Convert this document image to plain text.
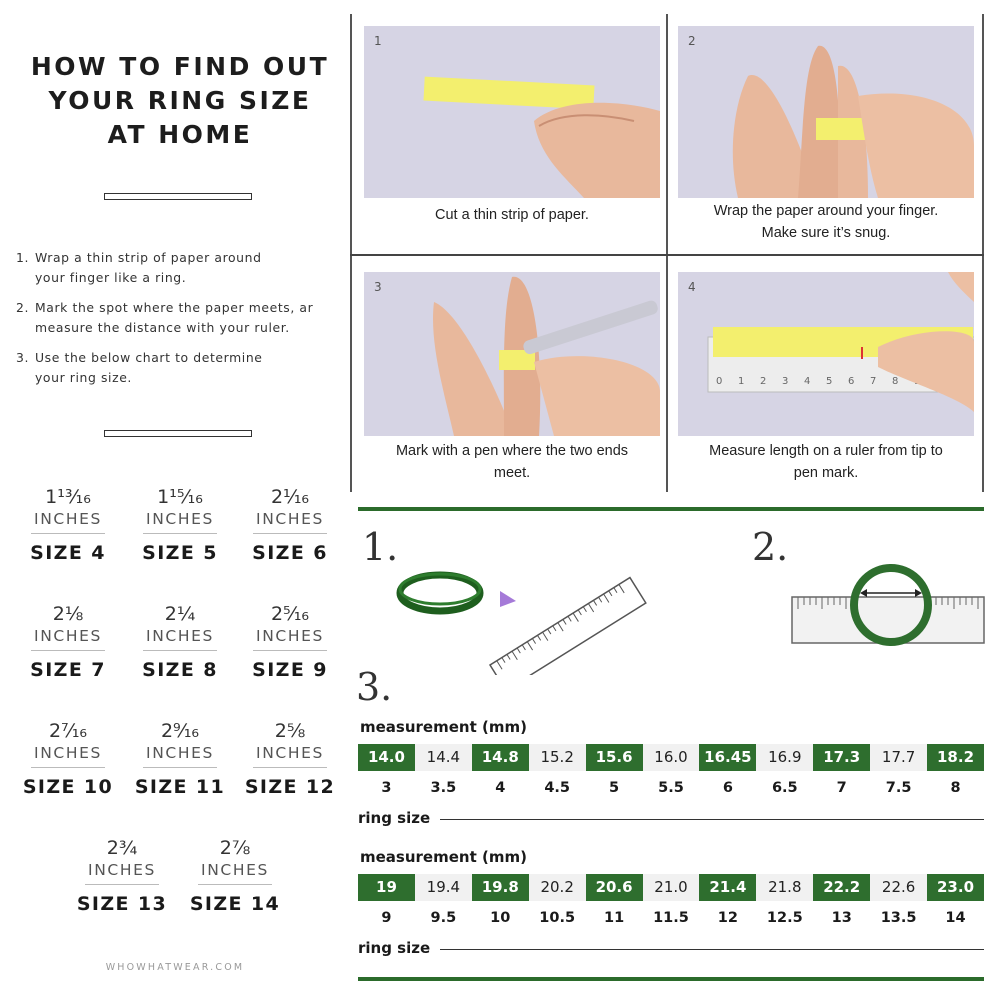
HOW TO FIND OUT
YOUR RING SIZE
AT HOME
1. Wrap a thin strip of paper around
your finger like a ring.
2. Mark the spot where the paper meets, ar
measure the distance with your ruler.
3. Use the below chart to determine
your ring size.
1¹³⁄₁₆
INCHES
SIZE 4
1¹⁵⁄₁₆
INCHES
SIZE 5
2¹⁄₁₆
INCHES
SIZE 6
2⅛
INCHES
SIZE 7
2¼
INCHES
SIZE 8
2⁵⁄₁₆
INCHES
SIZE 9
2⁷⁄₁₆
INCHES
SIZE 10
2⁹⁄₁₆
INCHES
SIZE 11
2⅝
INCHES
SIZE 12
2¾
INCHES
SIZE 13
2⅞
INCHES
SIZE 14
WHOWHATWEAR.COM
1
Cut a thin strip of paper.
2
Wrap the paper around your finger.
Make sure it’s snug.
3
Mark with a pen where the two ends
meet.
4
0 1 2 3 4 5 6 7 8
Measure length on a ruler from tip to
pen mark.
1.	2.
3.
measurement (mm)
14.0	14.4	14.8	15.2	15.6	16.0	16.45	16.9	17.3	17.7	18.2
3	3.5	4	4.5	5	5.5	6	6.5	7	7.5	8
ring size
measurement (mm)
19	19.4	19.8	20.2	20.6	21.0	21.4	21.8	22.2	22.6	23.0
9	9.5	10	10.5	11	11.5	12	12.5	13	13.5	14
ring size
